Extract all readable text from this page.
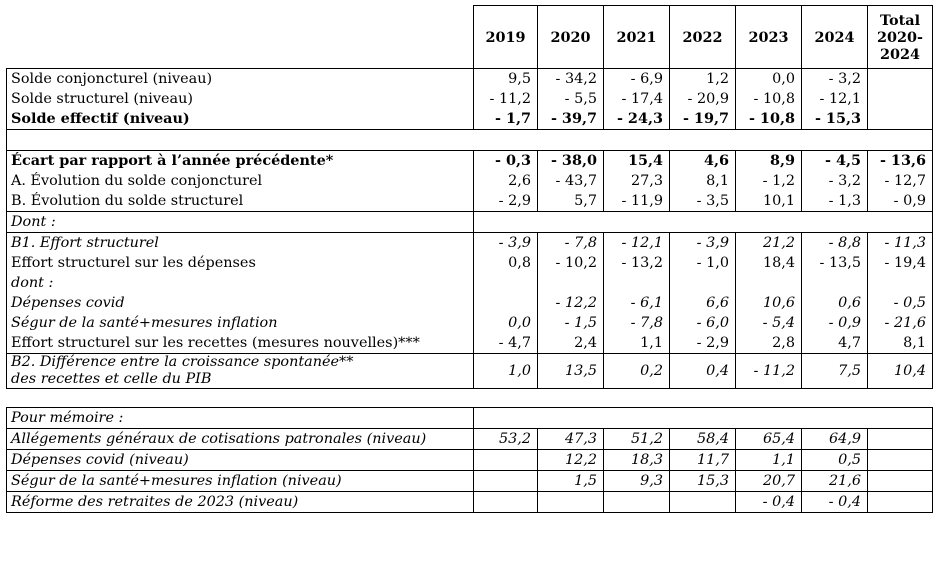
	2019	2020	2021	2022	2023	2024	Total
2020-
2024
Solde conjoncturel (niveau)	9,5	- 34,2	- 6,9	1,2	0,0	- 3,2	
Solde structurel (niveau)	- 11,2	- 5,5	- 17,4	- 20,9	- 10,8	- 12,1	
Solde effectif (niveau)	- 1,7	- 39,7	- 24,3	- 19,7	- 10,8	- 15,3	

Écart par rapport à l’année précédente*	- 0,3	- 38,0	15,4	4,6	8,9	- 4,5	- 13,6
A. Évolution du solde conjoncturel	2,6	- 43,7	27,3	8,1	- 1,2	- 3,2	- 12,7
B. Évolution du solde structurel	- 2,9	5,7	- 11,9	- 3,5	10,1	- 1,3	- 0,9
Dont :							
B1. Effort structurel	- 3,9	- 7,8	- 12,1	- 3,9	21,2	- 8,8	- 11,3
Effort structurel sur les dépenses	0,8	- 10,2	- 13,2	- 1,0	18,4	- 13,5	- 19,4
dont :							
Dépenses covid		- 12,2	- 6,1	6,6	10,6	0,6	- 0,5
Ségur de la santé+mesures inflation	0,0	- 1,5	- 7,8	- 6,0	- 5,4	- 0,9	- 21,6
Effort structurel sur les recettes (mesures nouvelles)***	- 4,7	2,4	1,1	- 2,9	2,8	4,7	8,1
B2. Différence entre la croissance spontanée**
des recettes et celle du PIB	1,0	13,5	0,2	0,4	- 11,2	7,5	10,4

Pour mémoire :							
Allégements généraux de cotisations patronales (niveau)	53,2	47,3	51,2	58,4	65,4	64,9	
Dépenses covid (niveau)		12,2	18,3	11,7	1,1	0,5	
Ségur de la santé+mesures inflation (niveau)		1,5	9,3	15,3	20,7	21,6	
Réforme des retraites de 2023 (niveau)					- 0,4	- 0,4	
